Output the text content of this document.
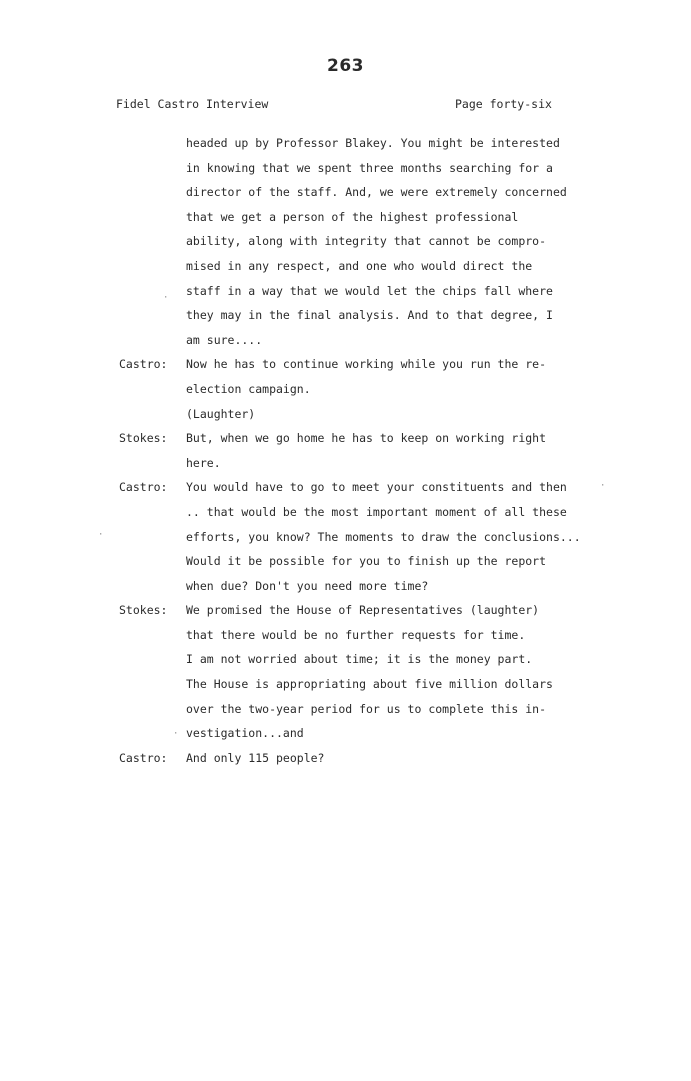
263
Fidel Castro Interview	Page forty-six
headed up by Professor Blakey. You might be interested
in knowing that we spent three months searching for a
director of the staff. And, we were extremely concerned
that we get a person of the highest professional
ability, along with integrity that cannot be compro-
mised in any respect, and one who would direct the
staff in a way that we would let the chips fall where
they may in the final analysis. And to that degree, I
am sure....
Castro: Now he has to continue working while you run the re-
election campaign.
(Laughter)
Stokes: But, when we go home he has to keep on working right
here.
Castro: You would have to go to meet your constituents and then
.. that would be the most important moment of all these
efforts, you know? The moments to draw the conclusions...
Would it be possible for you to finish up the report
when due? Don't you need more time?
Stokes: We promised the House of Representatives (laughter)
that there would be no further requests for time.
I am not worried about time; it is the money part.
The House is appropriating about five million dollars
over the two-year period for us to complete this in-
vestigation...and
Castro: And only 115 people?
·
·
·
·
